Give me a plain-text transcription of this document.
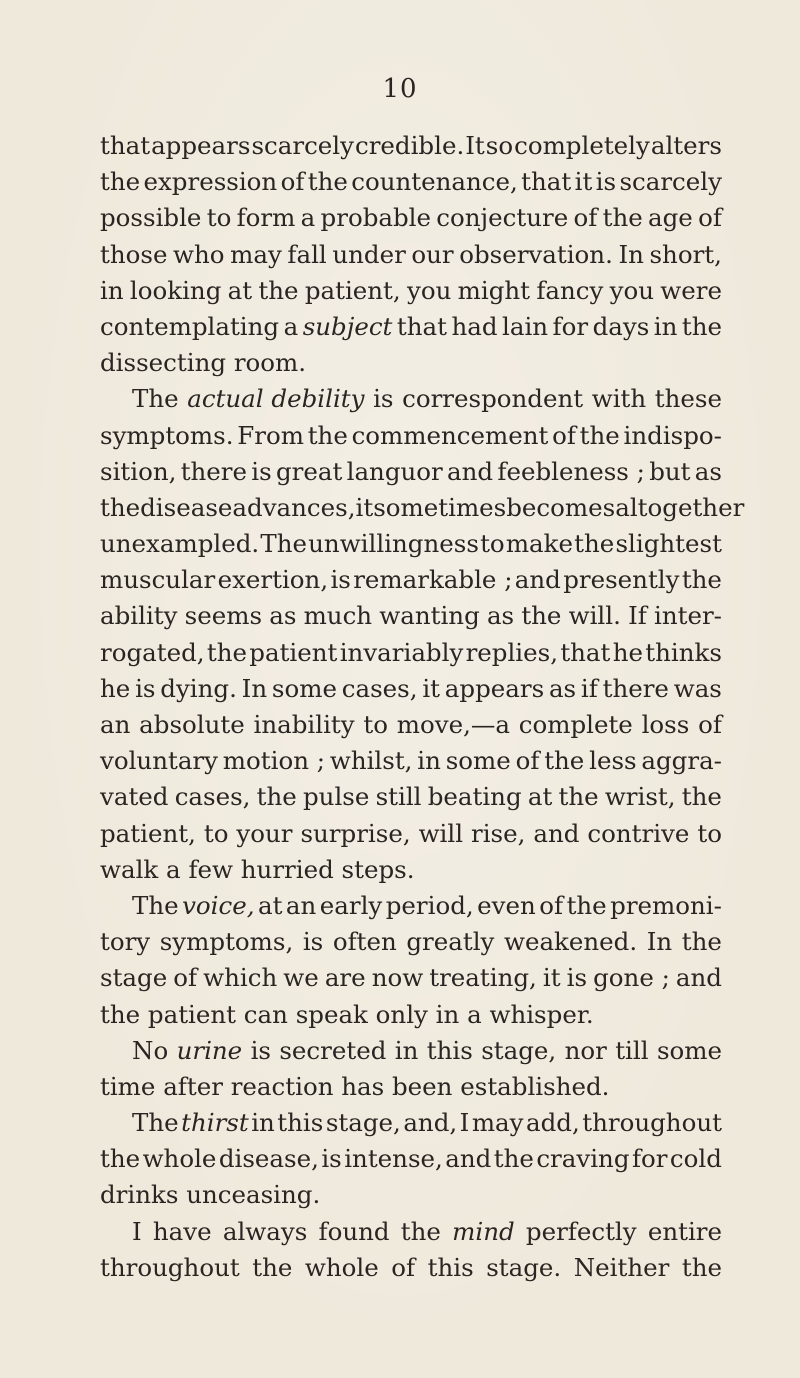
10
that appears scarcely credible. It so completely alters
the expression of the countenance, that it is scarcely
possible to form a probable conjecture of the age of
those who may fall under our observation. In short,
in looking at the patient, you might fancy you were
contemplating a subject that had lain for days in the
dissecting room.
The actual debility is correspondent with these
symptoms. From the commencement of the indispo-
sition, there is great languor and feebleness ; but as
the disease advances, it sometimes becomes altogether
unexampled. The unwillingness to make the slightest
muscular exertion, is remarkable ; and presently the
ability seems as much wanting as the will. If inter-
rogated, the patient invariably replies, that he thinks
he is dying. In some cases, it appears as if there was
an absolute inability to move,—a complete loss of
voluntary motion ; whilst, in some of the less aggra-
vated cases, the pulse still beating at the wrist, the
patient, to your surprise, will rise, and contrive to
walk a few hurried steps.
The voice, at an early period, even of the premoni-
tory symptoms, is often greatly weakened. In the
stage of which we are now treating, it is gone ; and
the patient can speak only in a whisper.
No urine is secreted in this stage, nor till some
time after reaction has been established.
The thirst in this stage, and, I may add, throughout
the whole disease, is intense, and the craving for cold
drinks unceasing.
I have always found the mind perfectly entire
throughout the whole of this stage. Neither the
